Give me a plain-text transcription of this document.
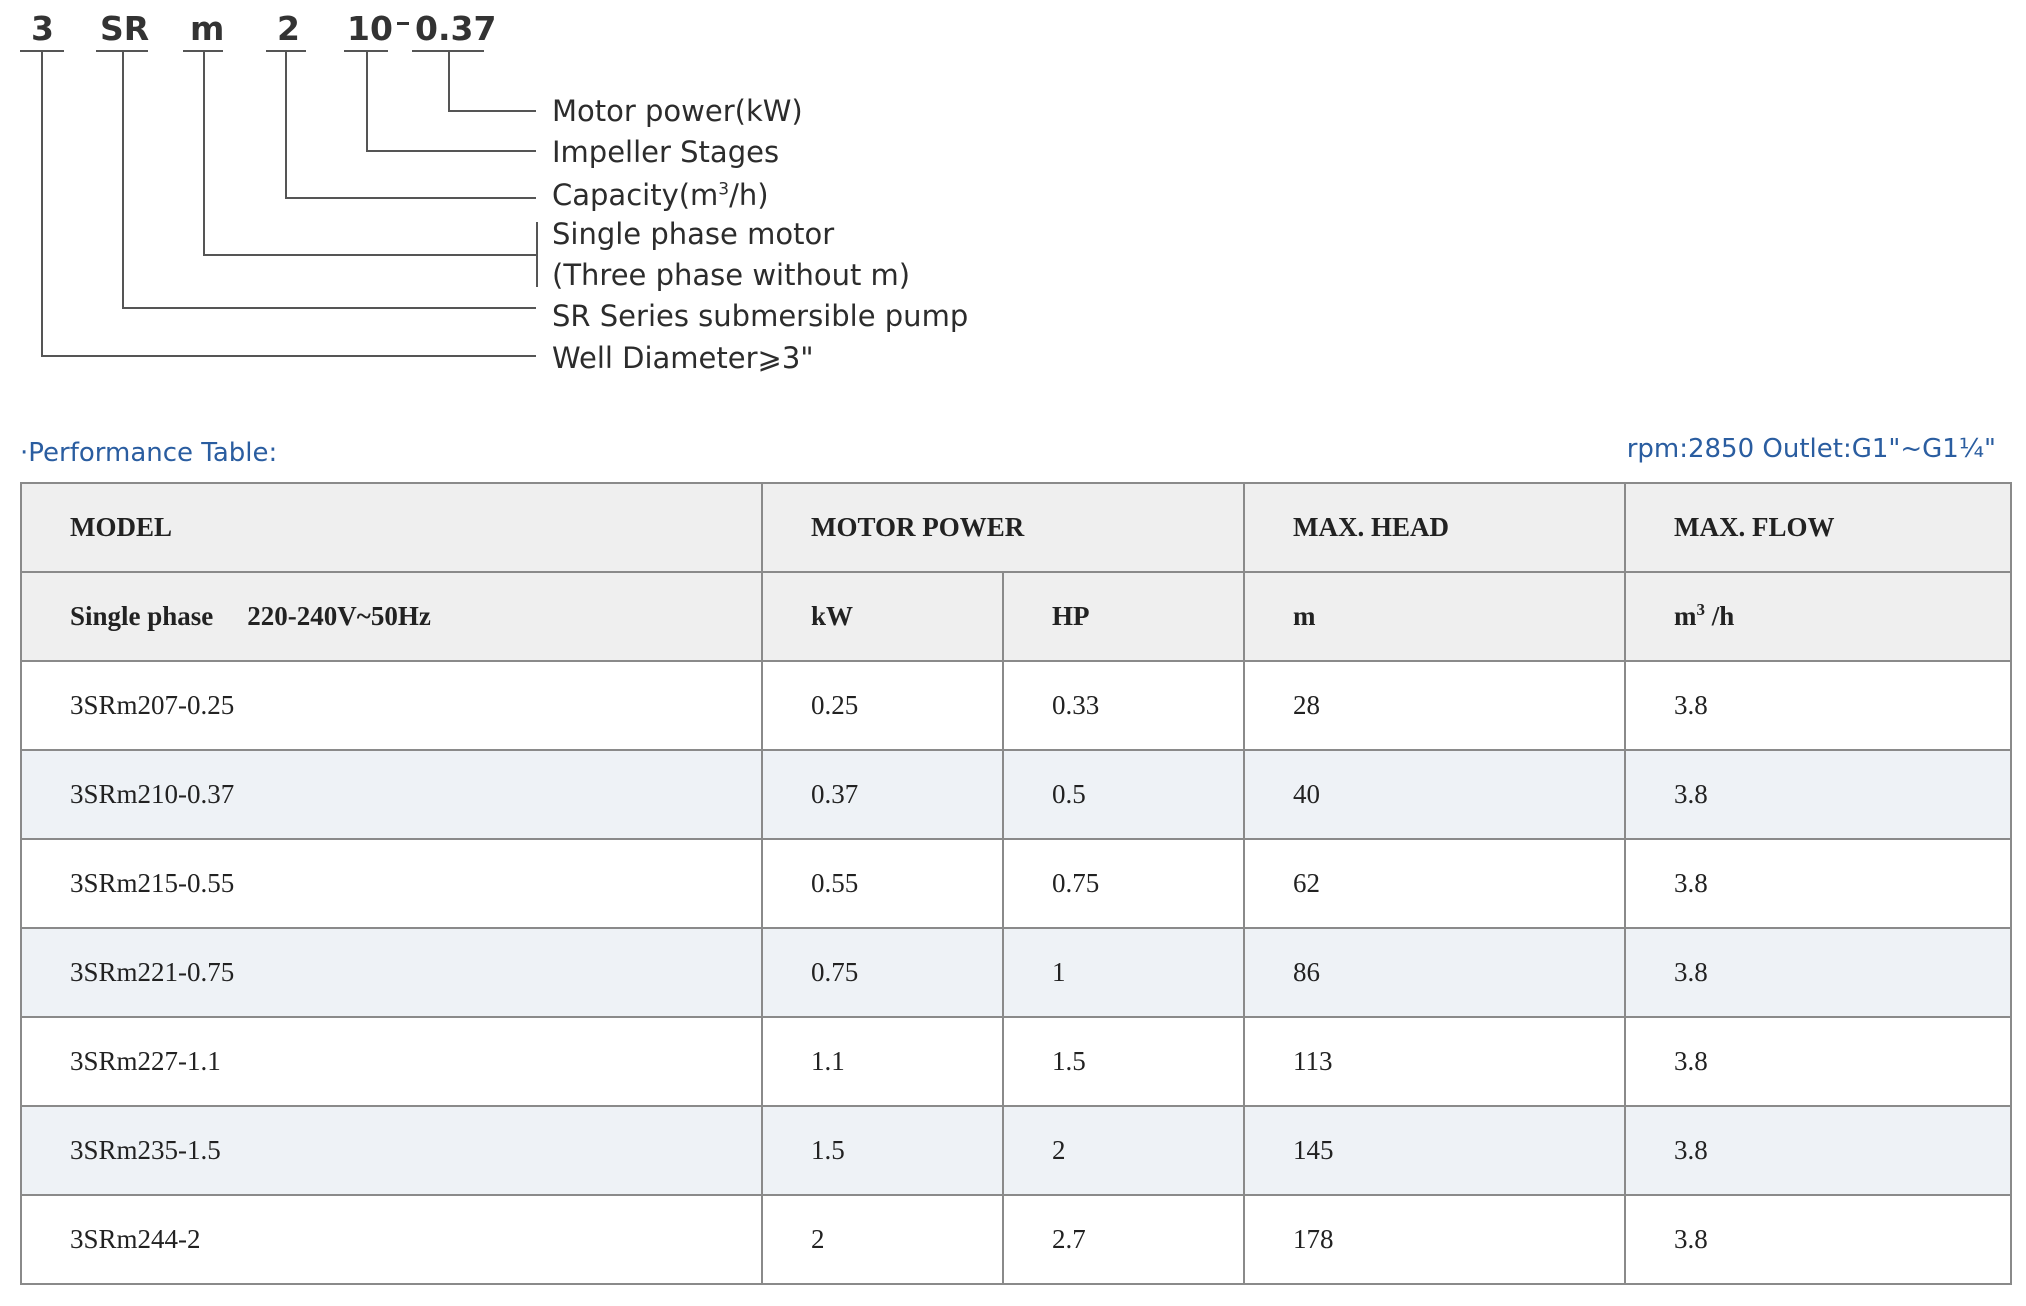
3 SR m 2 10 0.37
Motor power(kW)
Impeller Stages
$Capacity(m^3/h)$
Single phase motor
(Three phase without m)
SR Series submersible pump
Well Diameter⩾3"
·Performance Table:	rpm:2850 Outlet:G1"~G1¼"
MODEL	MOTOR POWER		MAX. HEAD	MAX. FLOW
Single phase 220-240V~50Hz	kW	HP	m	$m^3$ /h
3SRm207-0.25	0.25	0.33	28	3.8
3SRm210-0.37	0.37	0.5	40	3.8
3SRm215-0.55	0.55	0.75	62	3.8
3SRm221-0.75	0.75	1	86	3.8
3SRm227-1.1	1.1	1.5	113	3.8
3SRm235-1.5	1.5	2	145	3.8
3SRm244-2	2	2.7	178	3.8
